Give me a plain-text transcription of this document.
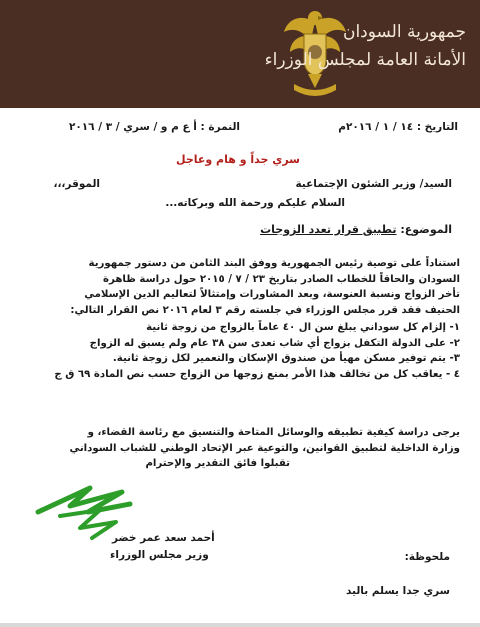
جمهورية السودان
الأمانة العامة لمجلس الوزراء
التاريخ : ١٤ / ١ / ٢٠١٦م
النمرة : أ ع م و / سري / ٣ / ٢٠١٦
سري جداً و هام وعاجل
السيد/ وزير الشئون الإجتماعية
الموقر،،،
السلام عليكم ورحمة الله وبركاته...
الموضوع: تطبيق قرار تعدد الزوجات
استناداً على توصية رئيس الجمهورية ووفق البند الثامن من دستور جمهورية
السودان والحاقاً للخطاب الصادر بتاريخ ٢٣ / ٧ / ٢٠١٥ حول دراسة ظاهرة
تأخر الزواج ونسبة العنوسة، وبعد المشاورات وإمتثالاً لتعاليم الدين الإسلامي
الحنيف فقد قرر مجلس الوزراء في جلسته رقم ٣ لعام ٢٠١٦ نص القرار التالي:
١- إلزام كل سوداني يبلغ سن ال ٤٠ عاماً بالزواج من زوجة ثانية
٢- على الدولة التكفل بزواج أي شاب تعدى سن ٣٨ عام ولم يسبق له الزواج
٣- يتم توفير مسكن مهيأ من صندوق الإسكان والتعمير لكل زوجة ثانية.
٤ - يعاقب كل من تخالف هذا الأمر بمنع زوجها من الزواج حسب نص المادة ٦٩ ق ج
يرجى دراسة كيفية تطبيقه والوسائل المتاحة والتنسيق مع رئاسة القضاء، و
وزارة الداخلية لتطبيق القوانين، والتوعية عبر الإتحاد الوطني للشباب السوداني
تقبلوا فائق التقدير والإحترام
أحمد سعد عمر خضر
وزير مجلس الوزراء	ملحوظة:
سري جدا يسلم باليد
